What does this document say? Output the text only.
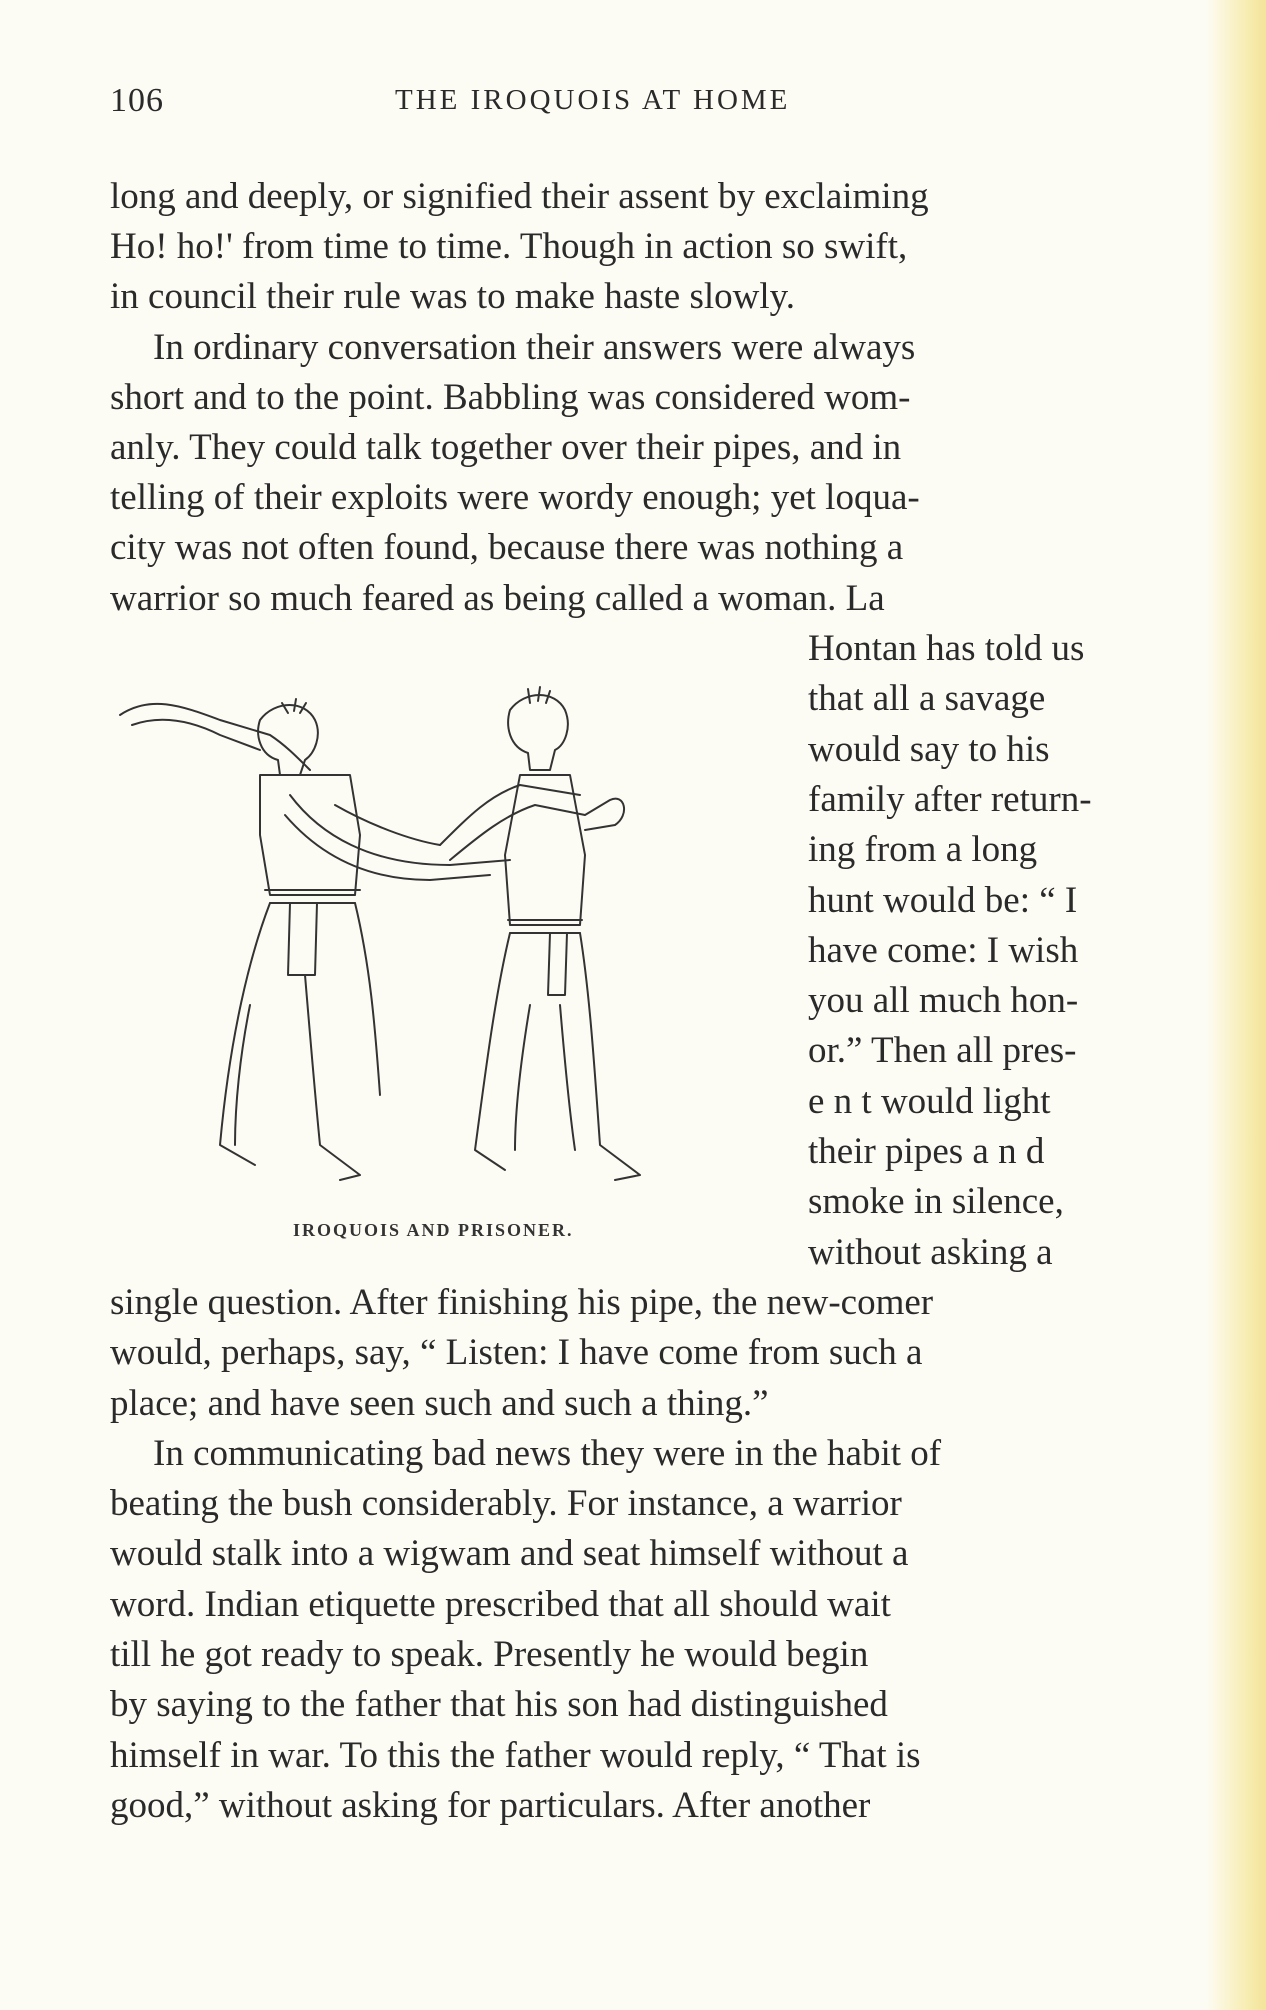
106	THE IROQUOIS AT HOME
long and deeply, or signified their assent by exclaiming
Ho! ho!' from time to time. Though in action so swift,
in council their rule was to make haste slowly.
In ordinary conversation their answers were always
short and to the point. Babbling was considered wom-
anly. They could talk together over their pipes, and in
telling of their exploits were wordy enough; yet loqua-
city was not often found, because there was nothing a
warrior so much feared as being called a woman. La
Hontan has told us
that all a savage
would say to his
family after return-
ing from a long
hunt would be: “ I
have come: I wish
you all much hon-
or.” Then all pres-
e n t would light
their pipes a n d
smoke in silence,
without asking a
IROQUOIS AND PRISONER.
single question. After finishing his pipe, the new-comer
would, perhaps, say, “ Listen: I have come from such a
place; and have seen such and such a thing.”
In communicating bad news they were in the habit of
beating the bush considerably. For instance, a warrior
would stalk into a wigwam and seat himself without a
word. Indian etiquette prescribed that all should wait
till he got ready to speak. Presently he would begin
by saying to the father that his son had distinguished
himself in war. To this the father would reply, “ That is
good,” without asking for particulars. After another
